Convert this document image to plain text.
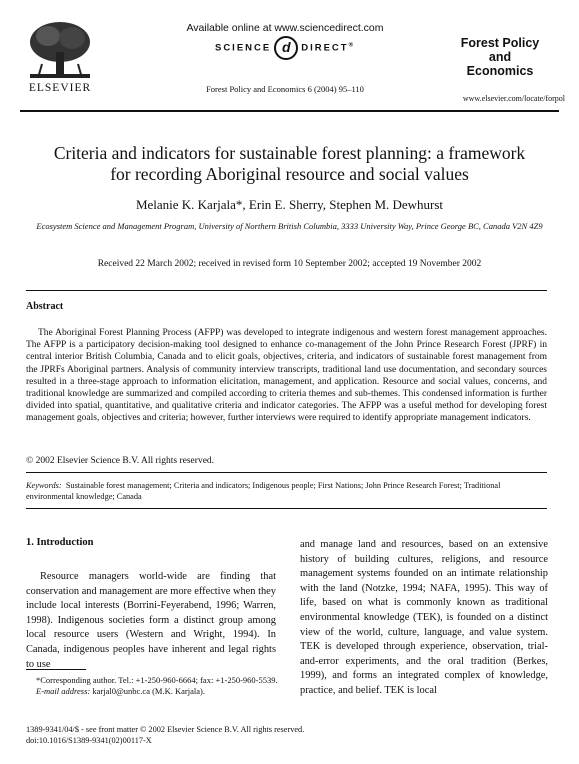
ELSEVIER
Available online at www.sciencedirect.com
SCIENCE d DIRECT®
Forest Policy and Economics 6 (2004) 95–110
Forest Policy
and
Economics
www.elsevier.com/locate/forpol
Criteria and indicators for sustainable forest planning: a framework
for recording Aboriginal resource and social values
Melanie K. Karjala*, Erin E. Sherry, Stephen M. Dewhurst
Ecosystem Science and Management Program, University of Northern British Columbia, 3333 University Way, Prince George BC, Canada V2N 4Z9
Received 22 March 2002; received in revised form 10 September 2002; accepted 19 November 2002
Abstract
The Aboriginal Forest Planning Process (AFPP) was developed to integrate indigenous and western forest management approaches. The AFPP is a participatory decision-making tool designed to enhance co-management of the John Prince Research Forest (JPRF) in central interior British Columbia, Canada and to elicit goals, objectives, criteria, and indicators of sustainable forest management from the JPRFs Aboriginal partners. Analysis of community interview transcripts, traditional land use documentation, and secondary sources resulted in a three-stage approach to information elicitation, management, and application. Resource and social values, concerns, and traditional knowledge are summarized and compiled according to criteria themes and sub-themes. This condensed information is further divided into spatial, quantitative, and qualitative criteria and indicator categories. The AFPP was a useful method for developing forest management goals, objectives and criteria; however, further interviews were required to identify appropriate management indicators.
© 2002 Elsevier Science B.V. All rights reserved.
Keywords: Sustainable forest management; Criteria and indicators; Indigenous people; First Nations; John Prince Research Forest; Traditional environmental knowledge; Canada
1. Introduction
Resource managers world-wide are finding that conservation and management are more effective when they include local interests (Borrini-Feyerabend, 1996; Warren, 1998). Indigenous societies form a distinct group among local resource users (Western and Wright, 1994). In Canada, indigenous peoples have inherent and legal rights to use
and manage land and resources, based on an extensive history of building cultures, religions, and resource management systems founded on an intimate relationship with the land (Notzke, 1994; NAFA, 1995). This way of life, based on what is commonly known as traditional environmental knowledge (TEK), is founded on a distinct view of the world, culture, language, and value system. TEK is developed through experience, observation, trial-and-error experiments, and the oral tradition (Berkes, 1999), and forms an integrated complex of knowledge, practice, and belief. TEK is local
*Corresponding author. Tel.: +1-250-960-6664; fax: +1-250-960-5539.
E-mail address: karjal0@unbc.ca (M.K. Karjala).
1389-9341/04/$ - see front matter © 2002 Elsevier Science B.V. All rights reserved.
doi:10.1016/S1389-9341(02)00117-X
